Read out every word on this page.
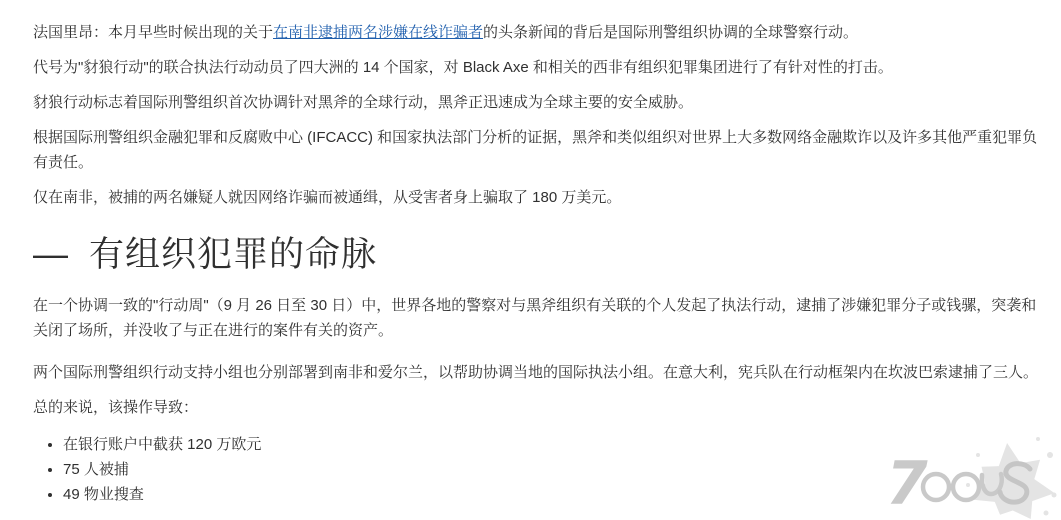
法国里昂：本月早些时候出现的关于在南非逮捕两名涉嫌在线诈骗者的头条新闻的背后是国际刑警组织协调的全球警察行动。

代号为"豺狼行动"的联合执法行动动员了四大洲的 14 个国家，对 Black Axe 和相关的西非有组织犯罪集团进行了有针对性的打击。

豺狼行动标志着国际刑警组织首次协调针对黑斧的全球行动，黑斧正迅速成为全球主要的安全威胁。

根据国际刑警组织金融犯罪和反腐败中心 (IFCACC) 和国家执法部门分析的证据，黑斧和类似组织对世界上大多数网络金融欺诈以及许多其他严重犯罪负有责任。

仅在南非，被捕的两名嫌疑人就因网络诈骗而被通缉，从受害者身上骗取了 180 万美元。

— 有组织犯罪的命脉

在一个协调一致的"行动周"（9 月 26 日至 30 日）中，世界各地的警察对与黑斧组织有关联的个人发起了执法行动，逮捕了涉嫌犯罪分子或钱骡，突袭和关闭了场所，并没收了与正在进行的案件有关的资产。

两个国际刑警组织行动支持小组也分别部署到南非和爱尔兰，以帮助协调当地的国际执法小组。在意大利，宪兵队在行动框架内在坎波巴索逮捕了三人。

总的来说，该操作导致：

• 在银行账户中截获 120 万欧元
• 75 人被捕
• 49 物业搜查	7
